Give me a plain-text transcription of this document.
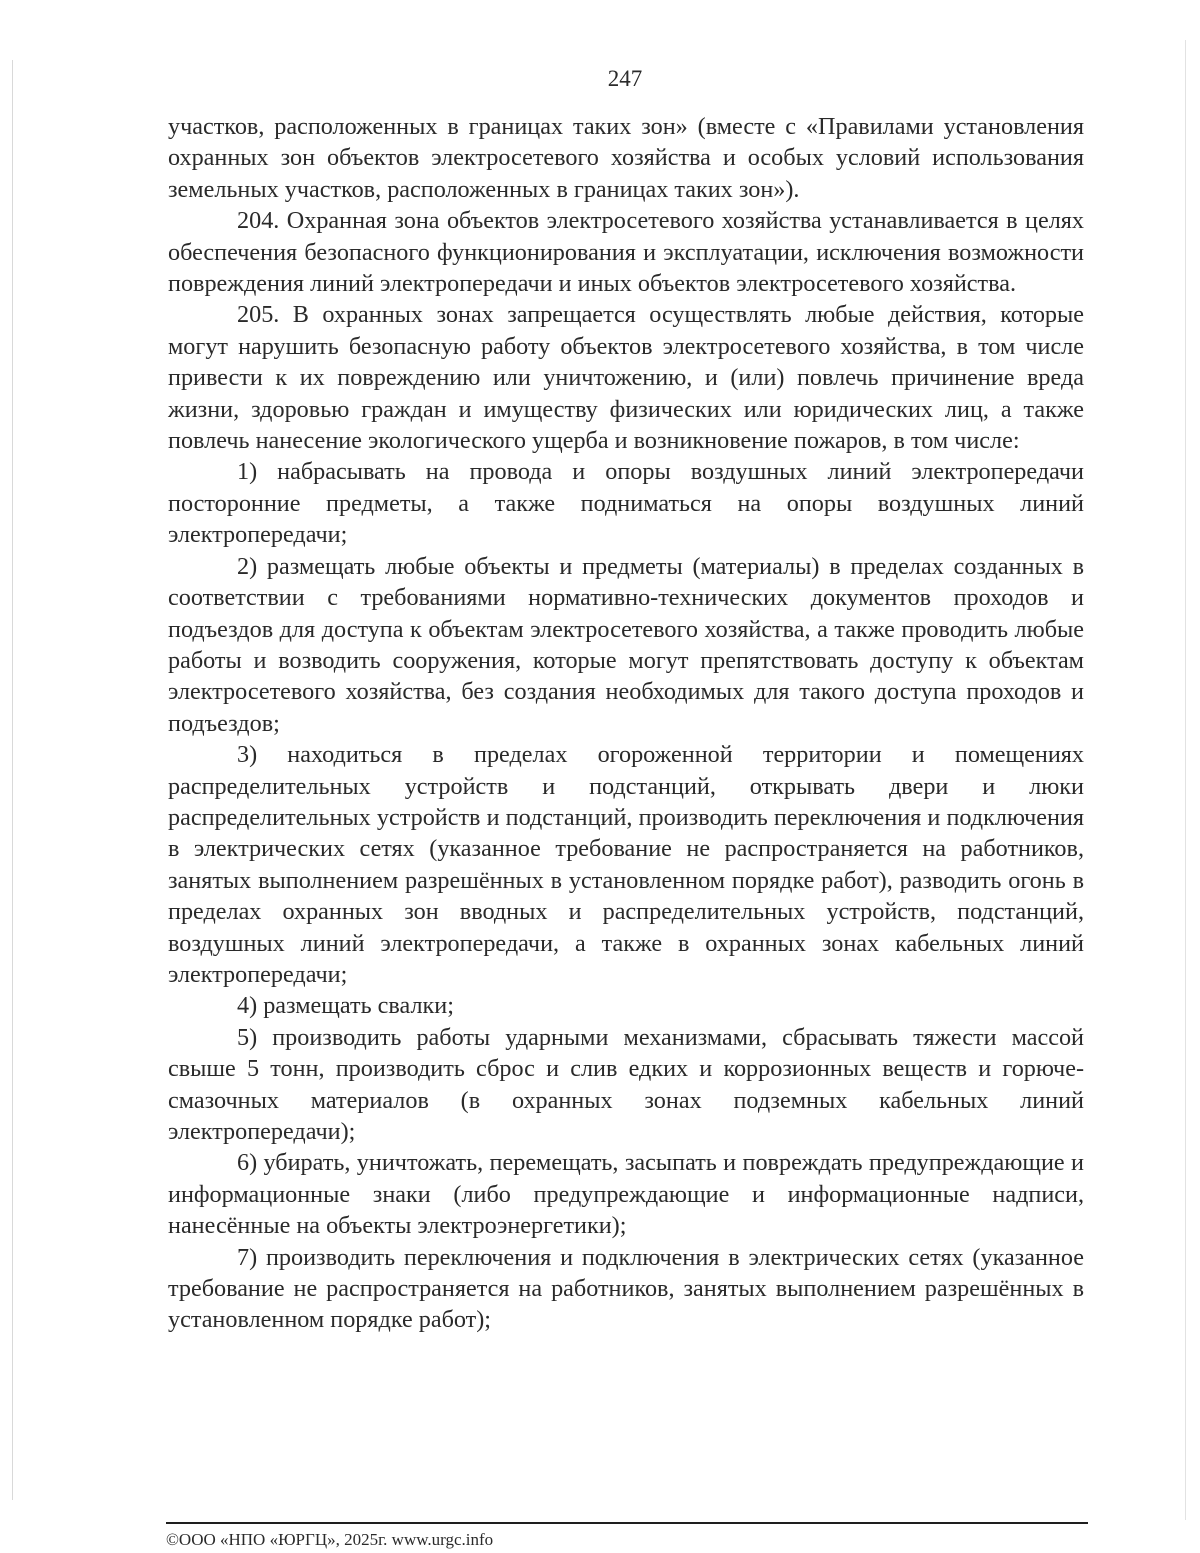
247

участков, расположенных в границах таких зон» (вместе с «Правилами установления охранных зон объектов электросетевого хозяйства и особых условий использования земельных участков, расположенных в границах таких зон»).

204. Охранная зона объектов электросетевого хозяйства устанавливается в целях обеспечения безопасного функционирования и эксплуатации, исключения возможности повреждения линий электропередачи и иных объектов электросетевого хозяйства.

205. В охранных зонах запрещается осуществлять любые действия, которые могут нарушить безопасную работу объектов электросетевого хозяйства, в том числе привести к их повреждению или уничтожению, и (или) повлечь причинение вреда жизни, здоровью граждан и имуществу физических или юридических лиц, а также повлечь нанесение экологического ущерба и возникновение пожаров, в том числе:

1) набрасывать на провода и опоры воздушных линий электропередачи посторонние предметы, а также подниматься на опоры воздушных линий электропередачи;

2) размещать любые объекты и предметы (материалы) в пределах созданных в соответствии с требованиями нормативно-технических документов проходов и подъездов для доступа к объектам электросетевого хозяйства, а также проводить любые работы и возводить сооружения, которые могут препятствовать доступу к объектам электросетевого хозяйства, без создания необходимых для такого доступа проходов и подъездов;

3) находиться в пределах огороженной территории и помещениях распределительных устройств и подстанций, открывать двери и люки распределительных устройств и подстанций, производить переключения и подключения в электрических сетях (указанное требование не распространяется на работников, занятых выполнением разрешённых в установленном порядке работ), разводить огонь в пределах охранных зон вводных и распределительных устройств, подстанций, воздушных линий электропередачи, а также в охранных зонах кабельных линий электропередачи;

4) размещать свалки;

5) производить работы ударными механизмами, сбрасывать тяжести массой свыше 5 тонн, производить сброс и слив едких и коррозионных веществ и горюче-смазочных материалов (в охранных зонах подземных кабельных линий электропередачи);

6) убирать, уничтожать, перемещать, засыпать и повреждать предупреждающие и информационные знаки (либо предупреждающие и информационные надписи, нанесённые на объекты электроэнергетики);

7) производить переключения и подключения в электрических сетях (указанное требование не распространяется на работников, занятых выполнением разрешённых в установленном порядке работ);

©ООО «НПО «ЮРГЦ», 2025г. www.urgc.info
